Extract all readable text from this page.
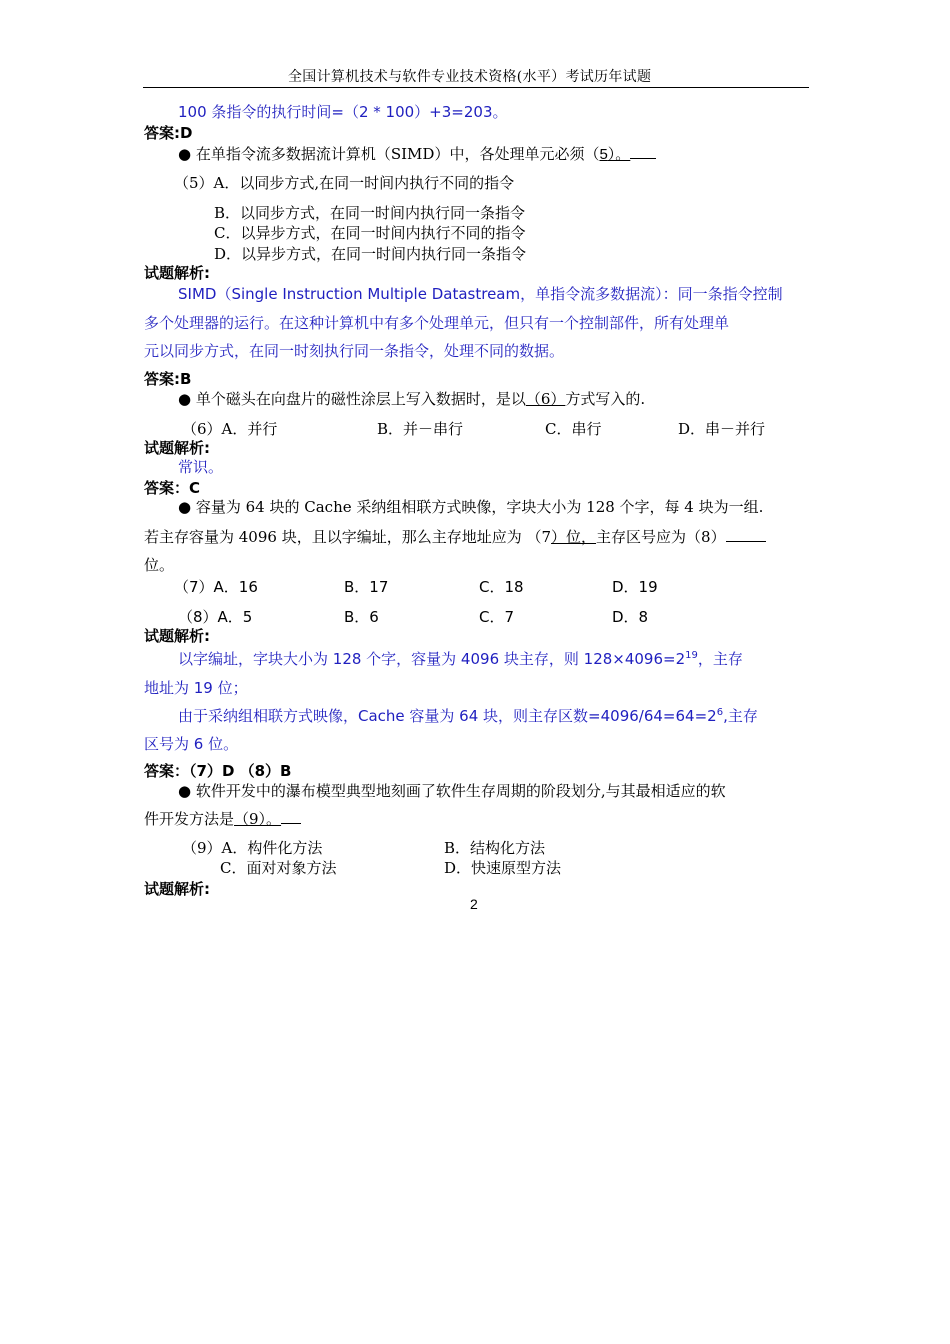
全国计算机技术与软件专业技术资格(水平）考试历年试题
100 条指令的执行时间=（2 * 100）+3=203。
答案:D
● 在单指令流多数据流计算机（SIMD）中，各处理单元必须（5）。
（5）A．以同步方式,在同一时间内执行不同的指令
B．以同步方式，在同一时间内执行同一条指令
C．以异步方式，在同一时间内执行不同的指令
D．以异步方式，在同一时间内执行同一条指令
试题解析:
SIMD（Single Instruction Multiple Datastream，单指令流多数据流）：同一条指令控制
多个处理器的运行。在这种计算机中有多个处理单元，但只有一个控制部件，所有处理单
元以同步方式，在同一时刻执行同一条指令，处理不同的数据。
答案:B
● 单个磁头在向盘片的磁性涂层上写入数据时，是以（6）方式写入的.
（6）A．并行	B．并－串行	C．串行	D．串－并行
试题解析:
常识。
答案：C
● 容量为 64 块的 Cache 采纳组相联方式映像，字块大小为 128 个字，每 4 块为一组.
若主存容量为 4096 块，且以字编址，那么主存地址应为 （7）位，主存区号应为（8）
位。
（7）A．16	B．17	C．18	D．19
（8）A．5	B．6	C．7	D．8
试题解析:
以字编址，字块大小为 128 个字，容量为 4096 块主存，则 $128\times 4096=2^{19}$，主存
地址为 19 位；
由于采纳组相联方式映像，Cache 容量为 64 块，则主存区数$=4096/64=64=2^6$,主存
区号为 6 位。
答案：（7）D （8）B
● 软件开发中的瀑布模型典型地刻画了软件生存周期的阶段划分,与其最相适应的软
件开发方法是（9）。
（9）A．构件化方法	B．结构化方法
C．面对对象方法	D．快速原型方法
试题解析:
2
